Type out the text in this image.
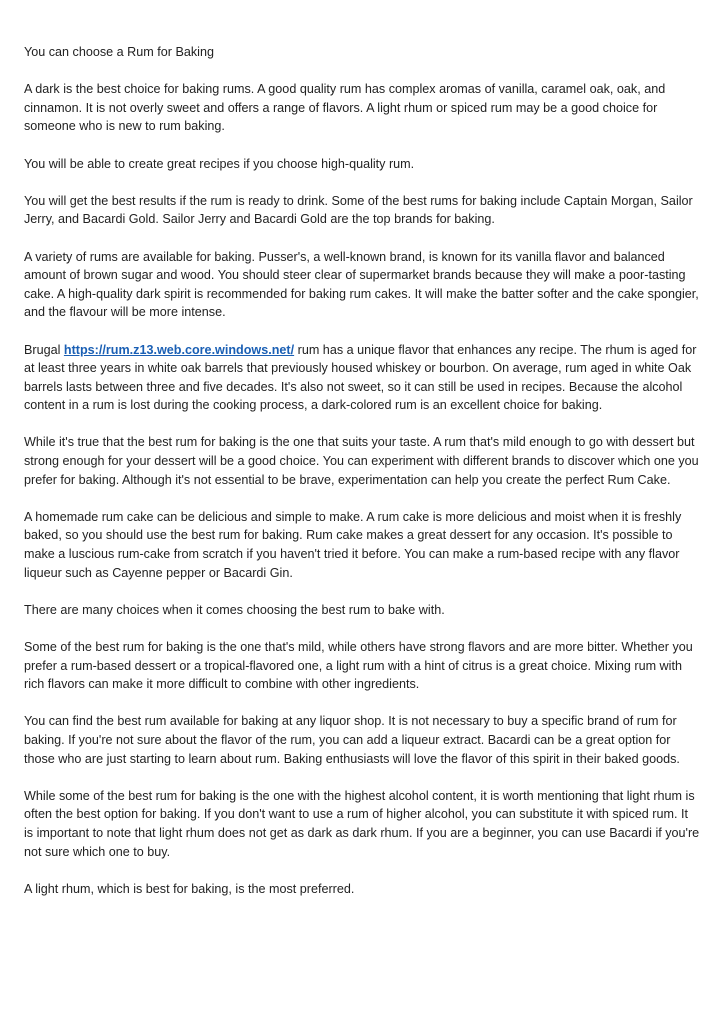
You can choose a Rum for Baking

A dark is the best choice for baking rums. A good quality rum has complex aromas of vanilla, caramel oak, oak, and cinnamon. It is not overly sweet and offers a range of flavors. A light rhum or spiced rum may be a good choice for someone who is new to rum baking.

You will be able to create great recipes if you choose high-quality rum.

You will get the best results if the rum is ready to drink. Some of the best rums for baking include Captain Morgan, Sailor Jerry, and Bacardi Gold. Sailor Jerry and Bacardi Gold are the top brands for baking.

A variety of rums are available for baking. Pusser's, a well-known brand, is known for its vanilla flavor and balanced amount of brown sugar and wood. You should steer clear of supermarket brands because they will make a poor-tasting cake. A high-quality dark spirit is recommended for baking rum cakes. It will make the batter softer and the cake spongier, and the flavour will be more intense.

Brugal https://rum.z13.web.core.windows.net/ rum has a unique flavor that enhances any recipe. The rhum is aged for at least three years in white oak barrels that previously housed whiskey or bourbon. On average, rum aged in white Oak barrels lasts between three and five decades. It's also not sweet, so it can still be used in recipes. Because the alcohol content in a rum is lost during the cooking process, a dark-colored rum is an excellent choice for baking.

While it's true that the best rum for baking is the one that suits your taste. A rum that's mild enough to go with dessert but strong enough for your dessert will be a good choice. You can experiment with different brands to discover which one you prefer for baking. Although it's not essential to be brave, experimentation can help you create the perfect Rum Cake.

A homemade rum cake can be delicious and simple to make. A rum cake is more delicious and moist when it is freshly baked, so you should use the best rum for baking. Rum cake makes a great dessert for any occasion. It's possible to make a luscious rum-cake from scratch if you haven't tried it before. You can make a rum-based recipe with any flavor liqueur such as Cayenne pepper or Bacardi Gin.

There are many choices when it comes choosing the best rum to bake with.

Some of the best rum for baking is the one that's mild, while others have strong flavors and are more bitter. Whether you prefer a rum-based dessert or a tropical-flavored one, a light rum with a hint of citrus is a great choice. Mixing rum with rich flavors can make it more difficult to combine with other ingredients.

You can find the best rum available for baking at any liquor shop. It is not necessary to buy a specific brand of rum for baking. If you're not sure about the flavor of the rum, you can add a liqueur extract. Bacardi can be a great option for those who are just starting to learn about rum. Baking enthusiasts will love the flavor of this spirit in their baked goods.

While some of the best rum for baking is the one with the highest alcohol content, it is worth mentioning that light rhum is often the best option for baking. If you don't want to use a rum of higher alcohol, you can substitute it with spiced rum. It is important to note that light rhum does not get as dark as dark rhum. If you are a beginner, you can use Bacardi if you're not sure which one to buy.

A light rhum, which is best for baking, is the most preferred.
